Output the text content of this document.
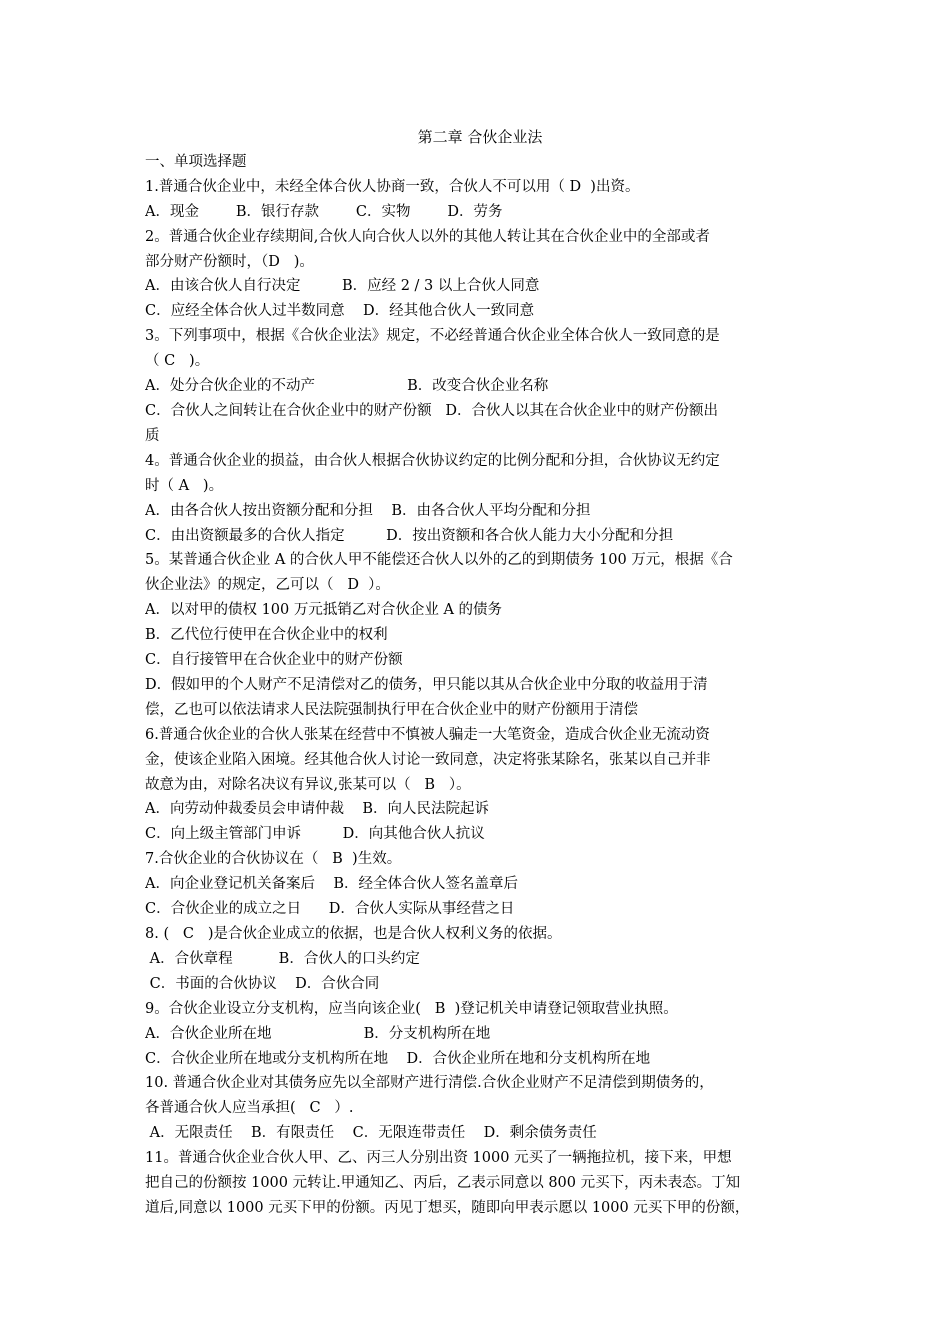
第二章 合伙企业法

一、单项选择题

1.普通合伙企业中，未经全体合伙人协商一致，合伙人不可以用（ D  )出资。

A．现金        B．银行存款        C．实物        D．劳务

2。普通合伙企业存续期间,合伙人向合伙人以外的其他人转让其在合伙企业中的全部或者

部分财产份额时，（D   )。

A．由该合伙人自行决定         B．应经 2 / 3 以上合伙人同意

C．应经全体合伙人过半数同意    D．经其他合伙人一致同意

3。下列事项中，根据《合伙企业法》规定，不必经普通合伙企业全体合伙人一致同意的是

（ C   )。

A．处分合伙企业的不动产                    B．改变合伙企业名称

C．合伙人之间转让在合伙企业中的财产份额   D．合伙人以其在合伙企业中的财产份额出

质

4。普通合伙企业的损益，由合伙人根据合伙协议约定的比例分配和分担，合伙协议无约定

时（ A   )。

A．由各合伙人按出资额分配和分担    B．由各合伙人平均分配和分担

C．由出资额最多的合伙人指定         D．按出资额和各合伙人能力大小分配和分担

5。某普通合伙企业 A 的合伙人甲不能偿还合伙人以外的乙的到期债务 100 万元，根据《合

伙企业法》的规定，乙可以（   D  ）。

A．以对甲的债权 100 万元抵销乙对合伙企业 A 的债务

B．乙代位行使甲在合伙企业中的权利

C．自行接管甲在合伙企业中的财产份额

D．假如甲的个人财产不足清偿对乙的债务，甲只能以其从合伙企业中分取的收益用于清

偿，乙也可以依法请求人民法院强制执行甲在合伙企业中的财产份额用于清偿

6.普通合伙企业的合伙人张某在经营中不慎被人骗走一大笔资金，造成合伙企业无流动资

金，使该企业陷入困境。经其他合伙人讨论一致同意，决定将张某除名，张某以自己并非

故意为由，对除名决议有异议,张某可以（   B   ）。

A．向劳动仲裁委员会申请仲裁    B．向人民法院起诉

C．向上级主管部门申诉         D．向其他合伙人抗议

7.合伙企业的合伙协议在（   B  )生效。

A．向企业登记机关备案后    B．经全体合伙人签名盖章后

C．合伙企业的成立之日      D．合伙人实际从事经营之日

8. (   C   )是合伙企业成立的依据，也是合伙人权利义务的依据。

A．合伙章程          B．合伙人的口头约定

C．书面的合伙协议    D．合伙合同

9。合伙企业设立分支机构，应当向该企业(   B  )登记机关申请登记领取营业执照。

A．合伙企业所在地                    B．分支机构所在地

C．合伙企业所在地或分支机构所在地    D．合伙企业所在地和分支机构所在地

10. 普通合伙企业对其债务应先以全部财产进行清偿.合伙企业财产不足清偿到期债务的，

各普通合伙人应当承担(   C   ）.

A．无限责任    B．有限责任    C．无限连带责任    D．剩余债务责任

11。普通合伙企业合伙人甲、乙、丙三人分别出资 1000 元买了一辆拖拉机，接下来，甲想

把自己的份额按 1000 元转让.甲通知乙、丙后，乙表示同意以 800 元买下，丙未表态。丁知

道后,同意以 1000 元买下甲的份额。丙见丁想买，随即向甲表示愿以 1000 元买下甲的份额，
